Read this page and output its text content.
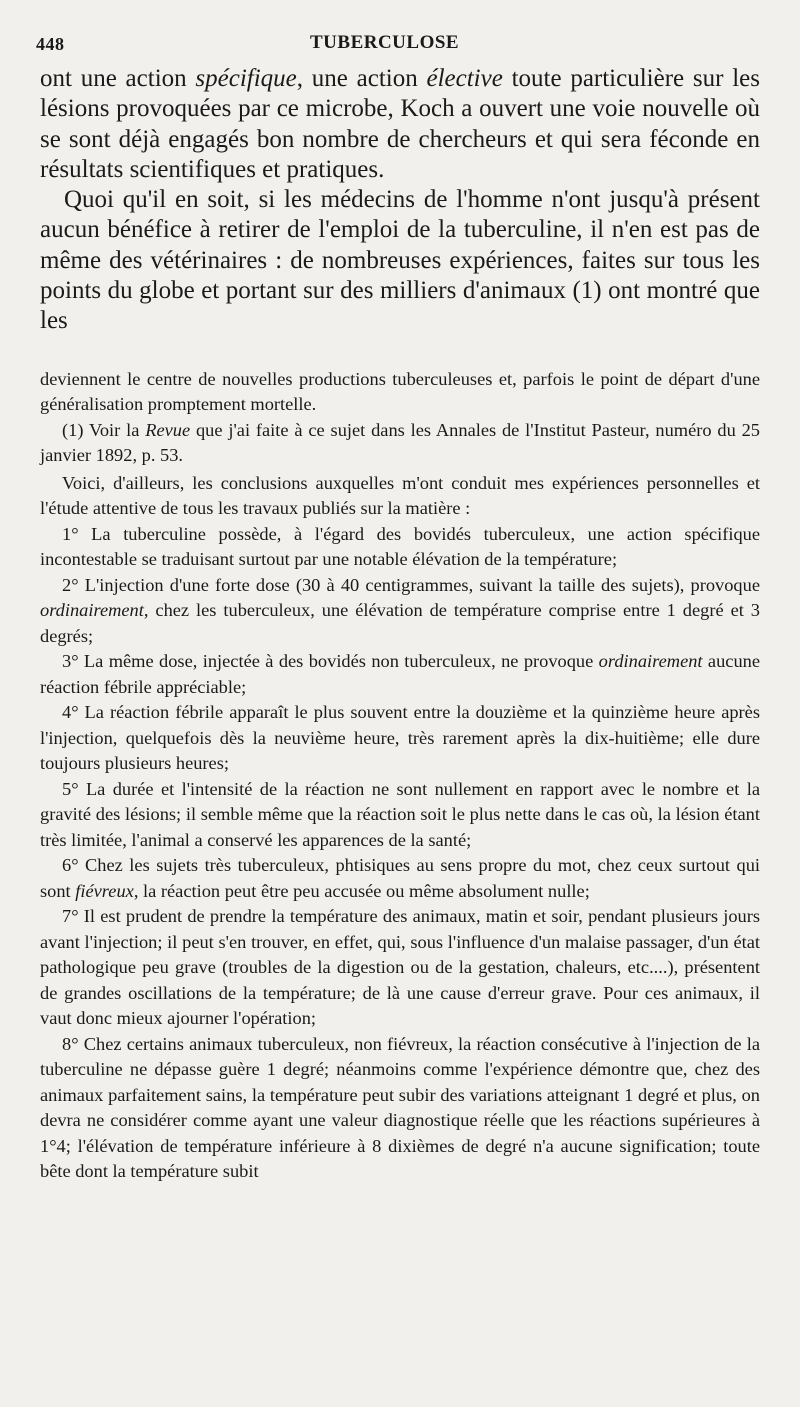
448	TUBERCULOSE

ont une action spécifique, une action élective toute particulière sur les lésions provoquées par ce microbe, Koch a ouvert une voie nouvelle où se sont déjà engagés bon nombre de chercheurs et qui sera féconde en résultats scientifiques et pratiques.

Quoi qu'il en soit, si les médecins de l'homme n'ont jusqu'à présent aucun bénéfice à retirer de l'emploi de la tuberculine, il n'en est pas de même des vétérinaires : de nombreuses expériences, faites sur tous les points du globe et portant sur des milliers d'animaux (1) ont montré que les

deviennent le centre de nouvelles productions tuberculeuses et, parfois le point de départ d'une généralisation promptement mortelle.

(1) Voir la Revue que j'ai faite à ce sujet dans les Annales de l'Institut Pasteur, numéro du 25 janvier 1892, p. 53.

Voici, d'ailleurs, les conclusions auxquelles m'ont conduit mes expériences personnelles et l'étude attentive de tous les travaux publiés sur la matière :

1° La tuberculine possède, à l'égard des bovidés tuberculeux, une action spécifique incontestable se traduisant surtout par une notable élévation de la température;

2° L'injection d'une forte dose (30 à 40 centigrammes, suivant la taille des sujets), provoque ordinairement, chez les tuberculeux, une élévation de température comprise entre 1 degré et 3 degrés;

3° La même dose, injectée à des bovidés non tuberculeux, ne provoque ordinairement aucune réaction fébrile appréciable;

4° La réaction fébrile apparaît le plus souvent entre la douzième et la quinzième heure après l'injection, quelquefois dès la neuvième heure, très rarement après la dix-huitième; elle dure toujours plusieurs heures;

5° La durée et l'intensité de la réaction ne sont nullement en rapport avec le nombre et la gravité des lésions; il semble même que la réaction soit le plus nette dans le cas où, la lésion étant très limitée, l'animal a conservé les apparences de la santé;

6° Chez les sujets très tuberculeux, phtisiques au sens propre du mot, chez ceux surtout qui sont fiévreux, la réaction peut être peu accusée ou même absolument nulle;

7° Il est prudent de prendre la température des animaux, matin et soir, pendant plusieurs jours avant l'injection; il peut s'en trouver, en effet, qui, sous l'influence d'un malaise passager, d'un état pathologique peu grave (troubles de la digestion ou de la gestation, chaleurs, etc....), présentent de grandes oscillations de la température; de là une cause d'erreur grave. Pour ces animaux, il vaut donc mieux ajourner l'opération;

8° Chez certains animaux tuberculeux, non fiévreux, la réaction consécutive à l'injection de la tuberculine ne dépasse guère 1 degré; néanmoins comme l'expérience démontre que, chez des animaux parfaitement sains, la température peut subir des variations atteignant 1 degré et plus, on devra ne considérer comme ayant une valeur diagnostique réelle que les réactions supérieures à 1°4; l'élévation de température inférieure à 8 dixièmes de degré n'a aucune signification; toute bête dont la température subit
